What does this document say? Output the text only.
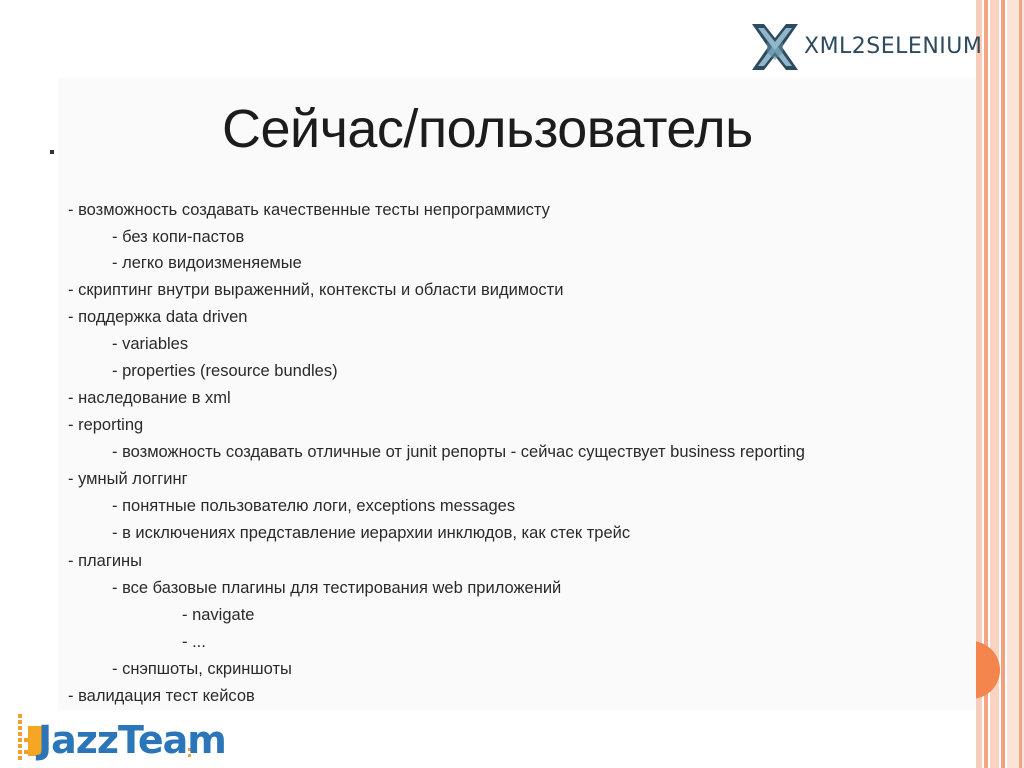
XML2SELENIUM
Сейчас/пользователь
- возможность создавать качественные тесты непрограммисту
- без копи-пастов
- легко видоизменяемые
- скриптинг внутри выраженний, контексты и области видимости
- поддержка data driven
- variables
- properties (resource bundles)
- наследование в xml
- reporting
- возможность создавать отличные от junit репорты - сейчас существует business reporting
- умный логгинг
- понятные пользователю логи, exceptions messages
- в исключениях представление иерархии инклюдов, как стек трейс
- плагины
- все базовые плагины для тестирования web приложений
- navigate
- ...
- снэпшоты, скриншоты
- валидация тест кейсов
JazzTeam
